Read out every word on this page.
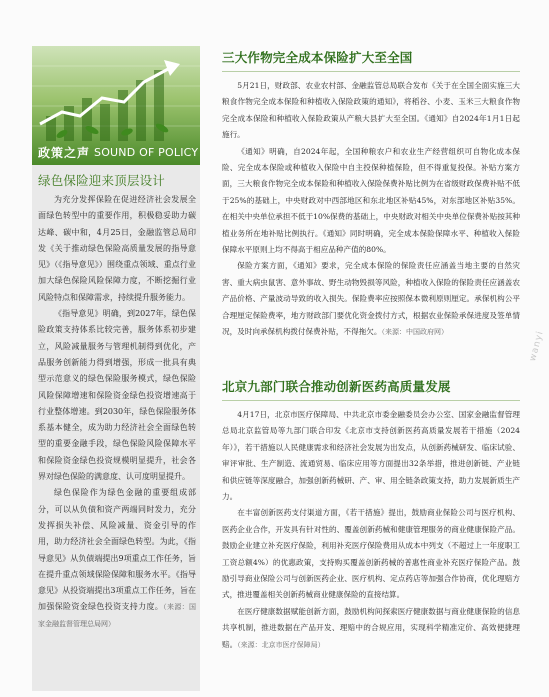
政策之声 SOUND OF POLICY
绿色保险迎来顶层设计

为充分发挥保险在促进经济社会发展全面绿色转型中的重要作用，积极稳妥助力碳达峰、碳中和，4月25日，金融监管总局印发《关于推动绿色保险高质量发展的指导意见》（《指导意见》）围绕重点领域、重点行业加大绿色保险风险保障力度，不断挖掘行业风险特点和保障需求，持续提升服务能力。

《指导意见》明确，到2027年，绿色保险政策支持体系比较完善，服务体系初步建立，风险减量服务与管理机制得到优化，产品服务创新能力得到增强，形成一批具有典型示范意义的绿色保险服务模式，绿色保险风险保障增速和保险资金绿色投资增速高于行业整体增速。到2030年，绿色保险服务体系基本健全，成为助力经济社会全面绿色转型的重要金融手段，绿色保险风险保障水平和保险资金绿色投资规模明显提升，社会各界对绿色保险的满意度、认可度明显提升。

绿色保险作为绿色金融的重要组成部分，可以从负债和资产两端同时发力，充分发挥损失补偿、风险减量、资金引导的作用，助力经济社会全面绿色转型。为此，《指导意见》从负债端提出9项重点工作任务，旨在提升重点领域保险保障和服务水平。《指导意见》从投资端提出3项重点工作任务，旨在加强保险资金绿色投资支持力度。（来源：国家金融监督管理总局网）

三大作物完全成本保险扩大至全国

5月21日，财政部、农业农村部、金融监管总局联合发布《关于在全国全面实施三大粮食作物完全成本保险和种植收入保险政策的通知》，将稻谷、小麦、玉米三大粮食作物完全成本保险和种植收入保险政策从产粮大县扩大至全国。《通知》自2024年1月1日起施行。

《通知》明确，自2024年起，全国种粮农户和农业生产经营组织可自物化成本保险、完全成本保险或种植收入保险中自主投保种植保险，但不得重复投保。补贴方案方面，三大粮食作物完全成本保险和种植收入保险保费补贴比例为在省级财政保费补贴不低于25%的基础上，中央财政对中西部地区和东北地区补贴45%，对东部地区补贴35%。在相关中央单位承担不低于10%保费的基础上，中央财政对相关中央单位保费补贴按其种植业务所在地补贴比例执行。《通知》同时明确，完全成本保险保障水平、种植收入保险保障水平原则上均不得高于相应品种产值的80%。

保险方案方面，《通知》要求，完全成本保险的保险责任应涵盖当地主要的自然灾害、重大病虫鼠害、意外事故、野生动物毁损等风险，种植收入保险的保险责任应涵盖农产品价格、产量波动导致的收入损失。保险费率应按照保本微利原则厘定。承保机构公平合理厘定保险费率，地方财政部门要优化资金拨付方式，根据农业保险承保进度及签单情况，及时向承保机构拨付保费补贴，不得拖欠。（来源：中国政府网）

北京九部门联合推动创新医药高质量发展

4月17日，北京市医疗保障局、中共北京市委金融委员会办公室、国家金融监督管理总局北京监管局等九部门联合印发《北京市支持创新医药高质量发展若干措施（2024年）》，若干措施以人民健康需求和经济社会发展为出发点，从创新药械研发、临床试验、审评审批、生产制造、流通贸易、临床应用等方面提出32条举措，推进创新链、产业链和供应链等深度融合，加强创新药械研、产、审、用全链条政策支持，助力发展新质生产力。

在丰富创新医药支付渠道方面，《若干措施》提出，鼓励商业保险公司与医疗机构、医药企业合作，开发具有针对性的、覆盖创新药械和健康管理服务的商业健康保险产品。鼓励企业建立补充医疗保险，利用补充医疗保险费用从成本中列支（不超过上一年度职工工资总额4%）的优惠政策，支持购买覆盖创新药械的普惠性商业补充医疗保险产品。鼓励引导商业保险公司与创新医药企业、医疗机构、定点药店等加强合作协商，优化理赔方式，推进覆盖相关创新药械商业健康保险的直接结算。

在医疗健康数据赋能创新方面，鼓励机构间探索医疗健康数据与商业健康保险的信息共享机制，推进数据在产品开发、理赔中的合规应用，实现科学精准定价、高效便捷理赔。（来源：北京市医疗保障局）

wanyi
